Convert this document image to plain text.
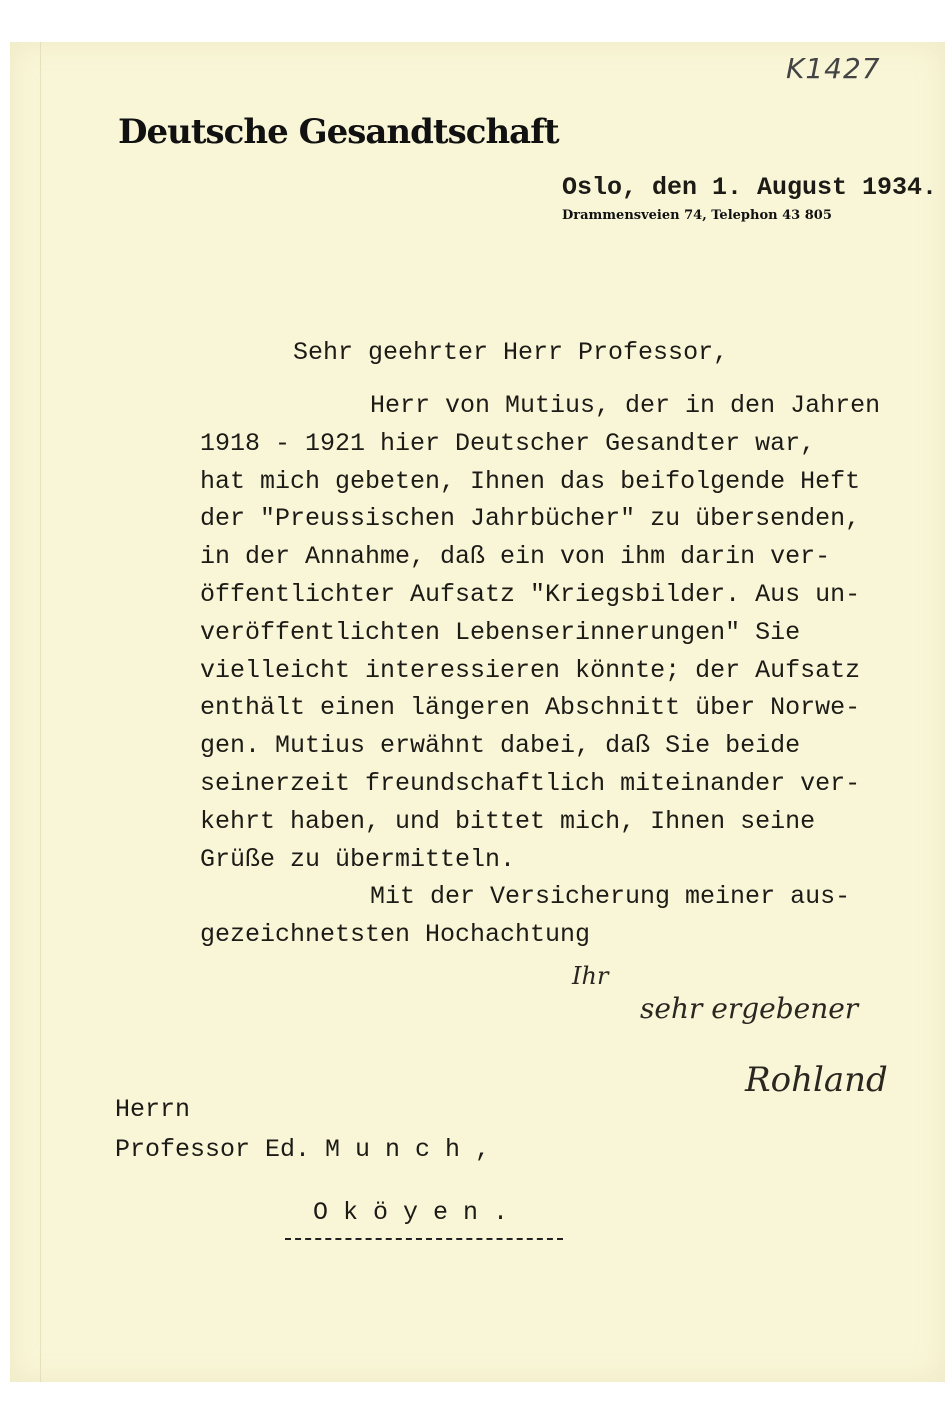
K1427
Deutsche Gesandtschaft
Oslo, den 1. August 1934.
Drammensveien 74, Telephon 43 805
Sehr geehrter Herr Professor,
Herr von Mutius, der in den Jahren
1918 - 1921 hier Deutscher Gesandter war,
hat mich gebeten, Ihnen das beifolgende Heft
der "Preussischen Jahrbücher" zu übersenden,
in der Annahme, daß ein von ihm darin ver-
öffentlichter Aufsatz "Kriegsbilder. Aus un-
veröffentlichten Lebenserinnerungen" Sie
vielleicht interessieren könnte; der Aufsatz
enthält einen längeren Abschnitt über Norwe-
gen. Mutius erwähnt dabei, daß Sie beide
seinerzeit freundschaftlich miteinander ver-
kehrt haben, und bittet mich, Ihnen seine
Grüße zu übermitteln.
Mit der Versicherung meiner aus-
gezeichnetsten Hochachtung
Ihr
sehr ergebener
Rohland
Herrn
Professor Ed. M u n c h ,
O k ö y e n .
